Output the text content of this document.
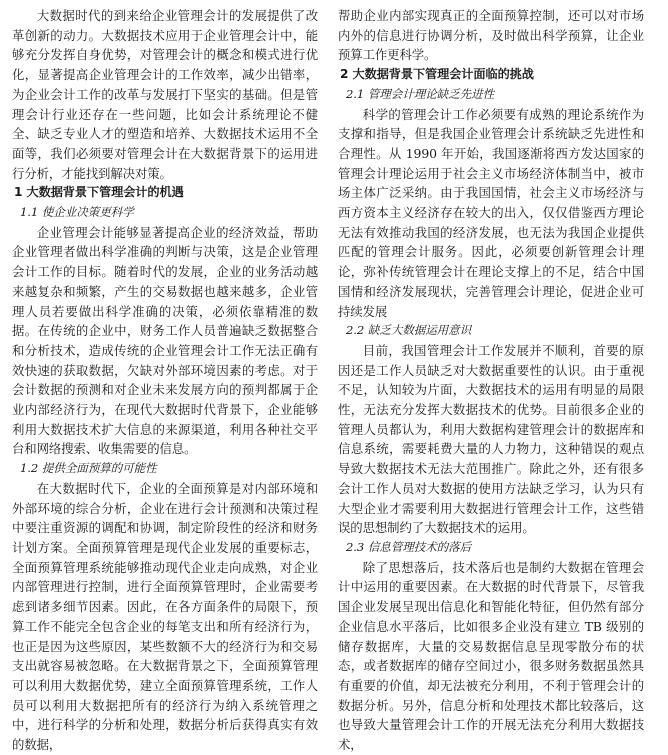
大数据时代的到来给企业管理会计的发展提供了改革创新的动力。大数据技术应用于企业管理会计中，能够充分发挥自身优势，对管理会计的概念和模式进行优化，显著提高企业管理会计的工作效率，减少出错率，为企业会计工作的改革与发展打下坚实的基础。但是管理会计行业还存在一些问题，比如会计系统理论不健全、缺乏专业人才的塑造和培养、大数据技术运用不全面等，我们必须要对管理会计在大数据背景下的运用进行分析，才能找到解决对策。

1 大数据背景下管理会计的机遇
1.1 使企业决策更科学

企业管理会计能够显著提高企业的经济效益，帮助企业管理者做出科学准确的判断与决策，这是企业管理会计工作的目标。随着时代的发展，企业的业务活动越来越复杂和频繁，产生的交易数据也越来越多，企业管理人员若要做出科学准确的决策，必须依靠精准的数据。在传统的企业中，财务工作人员普遍缺乏数据整合和分析技术，造成传统的企业管理会计工作无法正确有效快速的获取数据，欠缺对外部环境因素的考虑。对于会计数据的预测和对企业未来发展方向的预判都属于企业内部经济行为，在现代大数据时代背景下，企业能够利用大数据技术扩大信息的来源渠道，利用各种社交平台和网络搜索、收集需要的信息。

1.2 提供全面预算的可能性

在大数据时代下，企业的全面预算是对内部环境和外部环境的综合分析，企业在进行会计预测和决策过程中要注重资源的调配和协调，制定阶段性的经济和财务计划方案。全面预算管理是现代企业发展的重要标志，全面预算管理系统能够推动现代企业走向成熟，对企业内部管理进行控制，进行全面预算管理时，企业需要考虑到诸多细节因素。因此，在各方面条件的局限下，预算工作不能完全包含企业的每笔支出和所有经济行为，也正是因为这些原因，某些数额不大的经济行为和交易支出就容易被忽略。在大数据背景之下，全面预算管理可以利用大数据优势，建立全面预算管理系统，工作人员可以利用大数据把所有的经济行为纳入系统管理之中，进行科学的分析和处理，数据分析后获得真实有效的数据，

帮助企业内部实现真正的全面预算控制，还可以对市场内外的信息进行协调分析，及时做出科学预算，让企业预算工作更科学。

2 大数据背景下管理会计面临的挑战
2.1 管理会计理论缺乏先进性

科学的管理会计工作必须要有成熟的理论系统作为支撑和指导，但是我国企业管理会计系统缺乏先进性和合理性。从 1990 年开始，我国逐渐将西方发达国家的管理会计理论运用于社会主义市场经济体制当中，被市场主体广泛采纳。由于我国国情，社会主义市场经济与西方资本主义经济存在较大的出入，仅仅借鉴西方理论无法有效推动我国的经济发展，也无法为我国企业提供匹配的管理会计服务。因此，必须要创新管理会计理论，弥补传统管理会计在理论支撑上的不足，结合中国国情和经济发展现状，完善管理会计理论，促进企业可持续发展

2.2 缺乏大数据运用意识

目前，我国管理会计工作发展并不顺利，首要的原因还是工作人员缺乏对大数据重要性的认识。由于重视不足，认知较为片面，大数据技术的运用有明显的局限性，无法充分发挥大数据技术的优势。目前很多企业的管理人员都认为，利用大数据构建管理会计的数据库和信息系统，需要耗费大量的人力物力，这种错误的观点导致大数据技术无法大范围推广。除此之外，还有很多会计工作人员对大数据的使用方法缺乏学习，认为只有大型企业才需要利用大数据进行管理会计工作，这些错误的思想制约了大数据技术的运用。

2.3 信息管理技术的落后

除了思想落后，技术落后也是制约大数据在管理会计中运用的重要因素。在大数据的时代背景下，尽管我国企业发展呈现出信息化和智能化特征，但仍然有部分企业信息水平落后，比如很多企业没有建立 TB 级别的储存数据库，大量的交易数据信息呈现零散分布的状态，或者数据库的储存空间过小，很多财务数据虽然具有重要的价值，却无法被充分利用，不利于管理会计的数据分析。另外，信息分析和处理技术都比较落后，这也导致大量管理会计工作的开展无法充分利用大数据技术，
